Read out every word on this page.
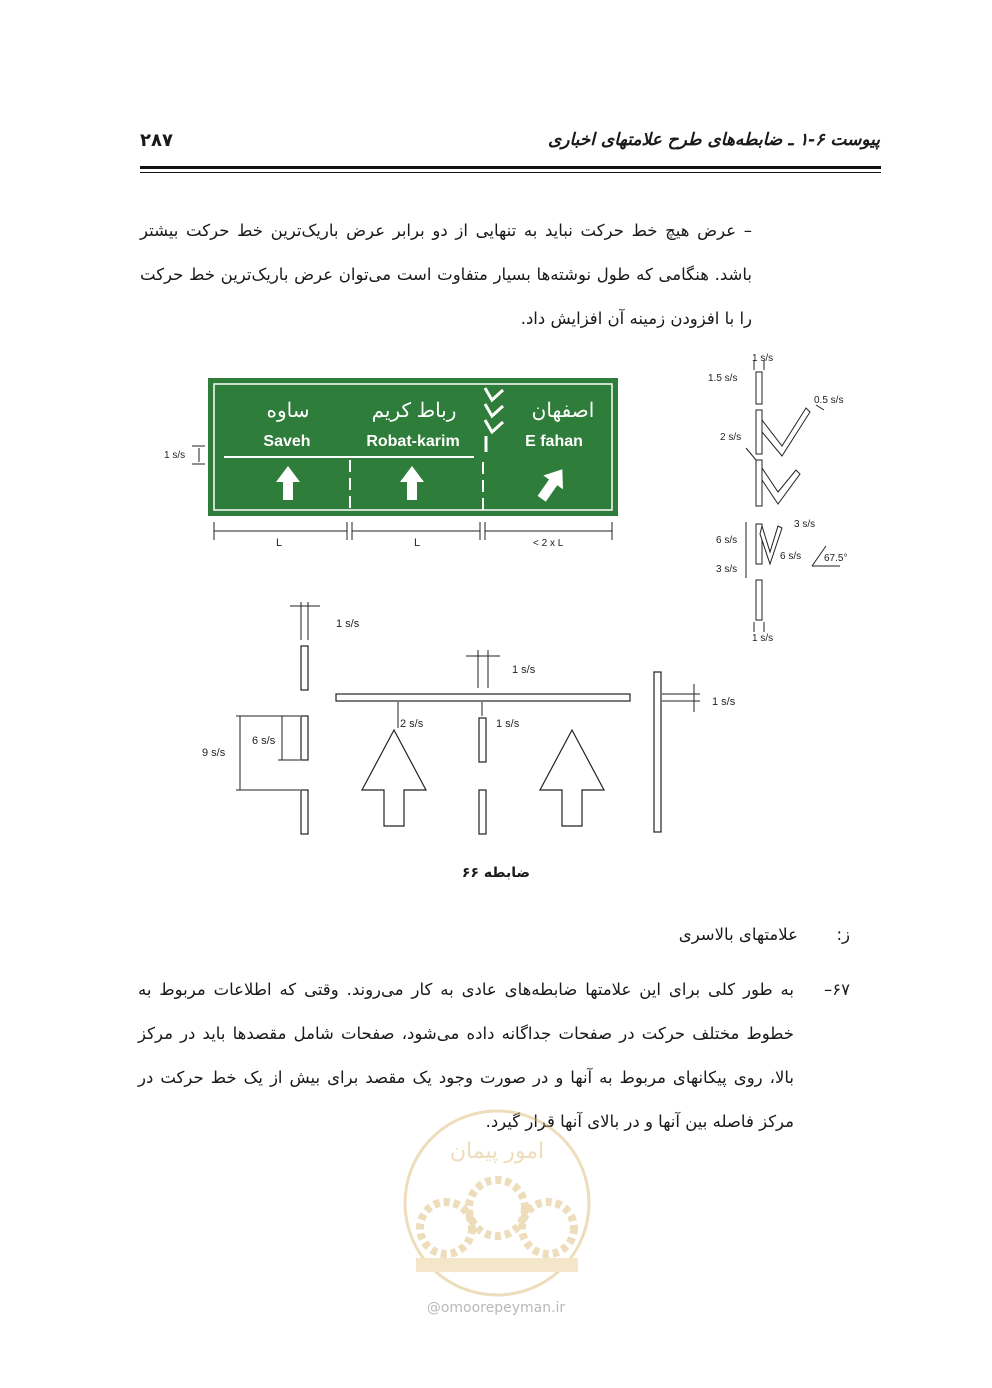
پیوست ۶-۱ ـ ضابطه‌های طرح علامتهای اخباری
۲۸۷
– عرض هیچ خط حرکت نباید به تنهایی از دو برابر عرض باریک‌ترین خط حرکت بیشتر باشد. هنگامی که طول نوشته‌ها بسیار متفاوت است می‌توان عرض باریک‌ترین خط حرکت را با افزودن زمینه آن افزایش داد.
ساوه	رباط کریم	اصفهان
Saveh	Robat-karim	E fahan
1 s/s
L	L	< 2 x L
1 s/s
1.5 s/s
0.5 s/s
2 s/s
3 s/s
6 s/s
6 s/s 67.5°
3 s/s
1 s/s
1 s/s
1 s/s
1 s/s
2 s/s	1 s/s
6 s/s
9 s/s
ضابطه ۶۶
ز:  علامتهای بالاسری
۶۷–
به طور کلی برای این علامتها ضابطه‌های عادی به کار می‌روند. وقتی که اطلاعات مربوط به خطوط مختلف حرکت در صفحات جداگانه داده می‌شود، صفحات شامل مقصدها باید در مرکز بالا، روی پیکانهای مربوط به آنها و در صورت وجود یک مقصد برای بیش از یک خط حرکت در مرکز فاصله بین آنها و در بالای آنها قرار گیرد.
امور پیمان
@omoorepeyman.ir
